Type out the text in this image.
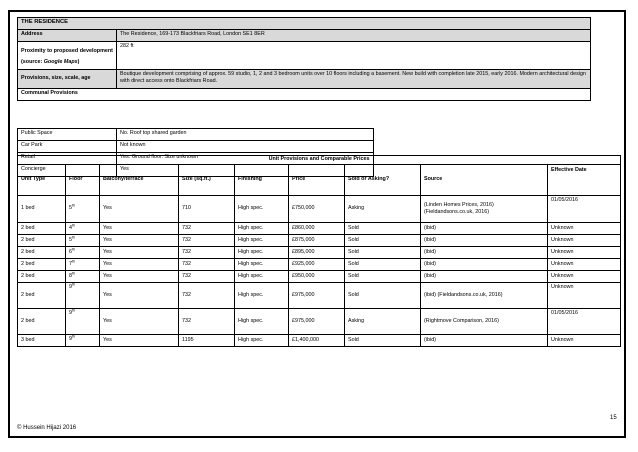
THE RESIDENCE	
Address	The Residence, 169-173 Blackfriars Road, London SE1 8ER

Proximity to proposed development
(source: Google Maps)	282 ft
Provisions, size, scale, age	Boutique development comprising of approx. 59 studio, 1, 2 and 3 bedroom units over 10 floors including a basement. New build with completion late 2015, early 2016. Modern architectural design with direct access onto Blackfriars Road.
Communal Provisions	
Public Space	No. Roof top shared garden
Car Park	Not known
Retail	Yes. Ground floor. Size unknown
Concierge	Yes
Unit Provisions and Comparable Prices								
Unit Type	Floor	Balcony/terrace	Size (sq.ft.)	Finishing	Price	Sold or Asking?	Source	Effective Date
1 bed	5th	Yes	710	High spec.	£750,000	Asking	(Linden Homes Prices, 2016)
(Fieldandsons.co.uk, 2016)	01/05/2016
2 bed	4th	Yes	732	High spec.	£860,000	Sold	(ibid)	Unknown
2 bed	5th	Yes	732	High spec.	£875,000	Sold	(ibid)	Unknown
2 bed	6th	Yes	732	High spec.	£895,000	Sold	(ibid)	Unknown
2 bed	7th	Yes	732	High spec.	£925,000	Sold	(ibid)	Unknown
2 bed	8th	Yes	732	High spec.	£950,000	Sold	(ibid)	Unknown
2 bed	9th	Yes	732	High spec.	£975,000	Sold	(ibid) (Fieldandsons.co.uk, 2016)	Unknown
2 bed	9th	Yes	732	High spec.	£975,000	Asking	(Rightmove Comparison, 2016)	01/05/2016
3 bed	9th	Yes	1195	High spec.	£1,400,000	Sold	(ibid)	Unknown
15
© Hussein Hijazi 2016
